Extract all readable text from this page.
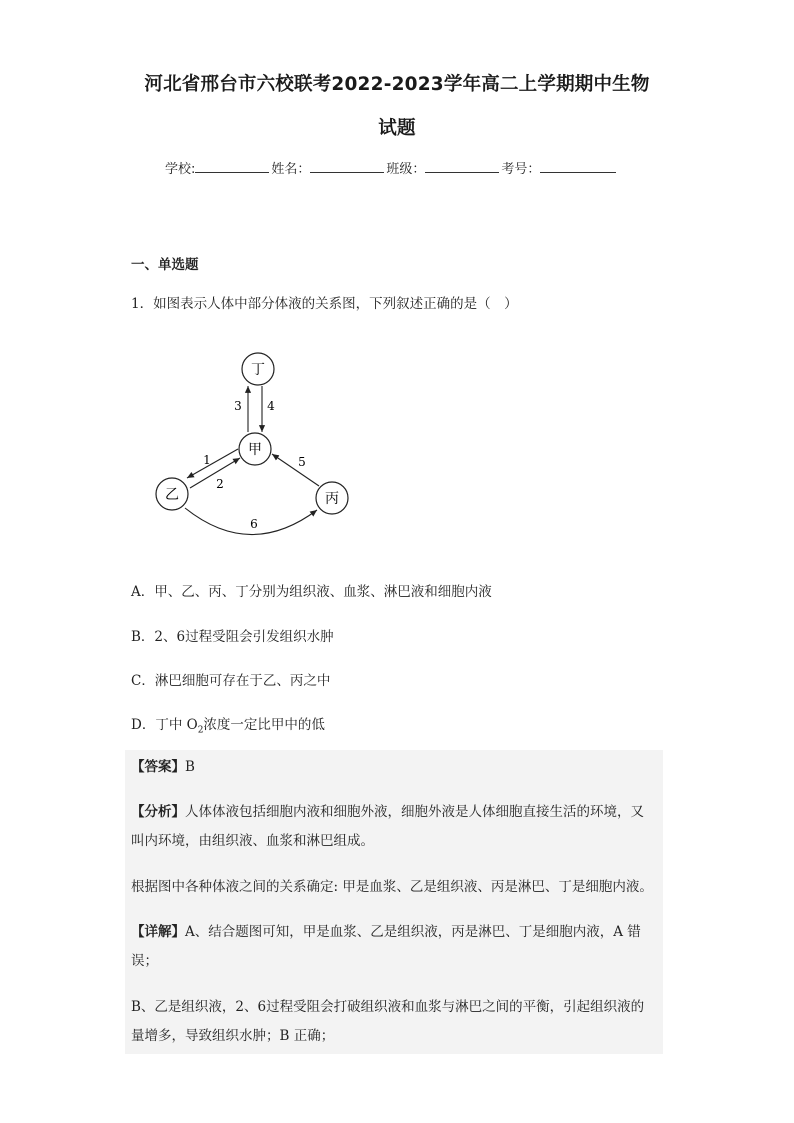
河北省邢台市六校联考2022-2023学年高二上学期期中生物
试题
学校:	姓名：	班级：	考号：
一、单选题
1．如图表示人体中部分体液的关系图，下列叙述正确的是（　）
丁
甲
乙	丙
3 4
1
2
5
6
A．甲、乙、丙、丁分别为组织液、血浆、淋巴液和细胞内液
B．2、6过程受阻会引发组织水肿
C．淋巴细胞可存在于乙、丙之中
D．丁中 $O_2$浓度一定比甲中的低
【答案】B
【分析】人体体液包括细胞内液和细胞外液，细胞外液是人体细胞直接生活的环境，又
叫内环境，由组织液、血浆和淋巴组成。
根据图中各种体液之间的关系确定: 甲是血浆、乙是组织液、丙是淋巴、丁是细胞内液。
【详解】A、结合题图可知，甲是血浆、乙是组织液，丙是淋巴、丁是细胞内液，A 错
误；
B、乙是组织液，2、6过程受阻会打破组织液和血浆与淋巴之间的平衡，引起组织液的
量增多，导致组织水肿；B 正确；
